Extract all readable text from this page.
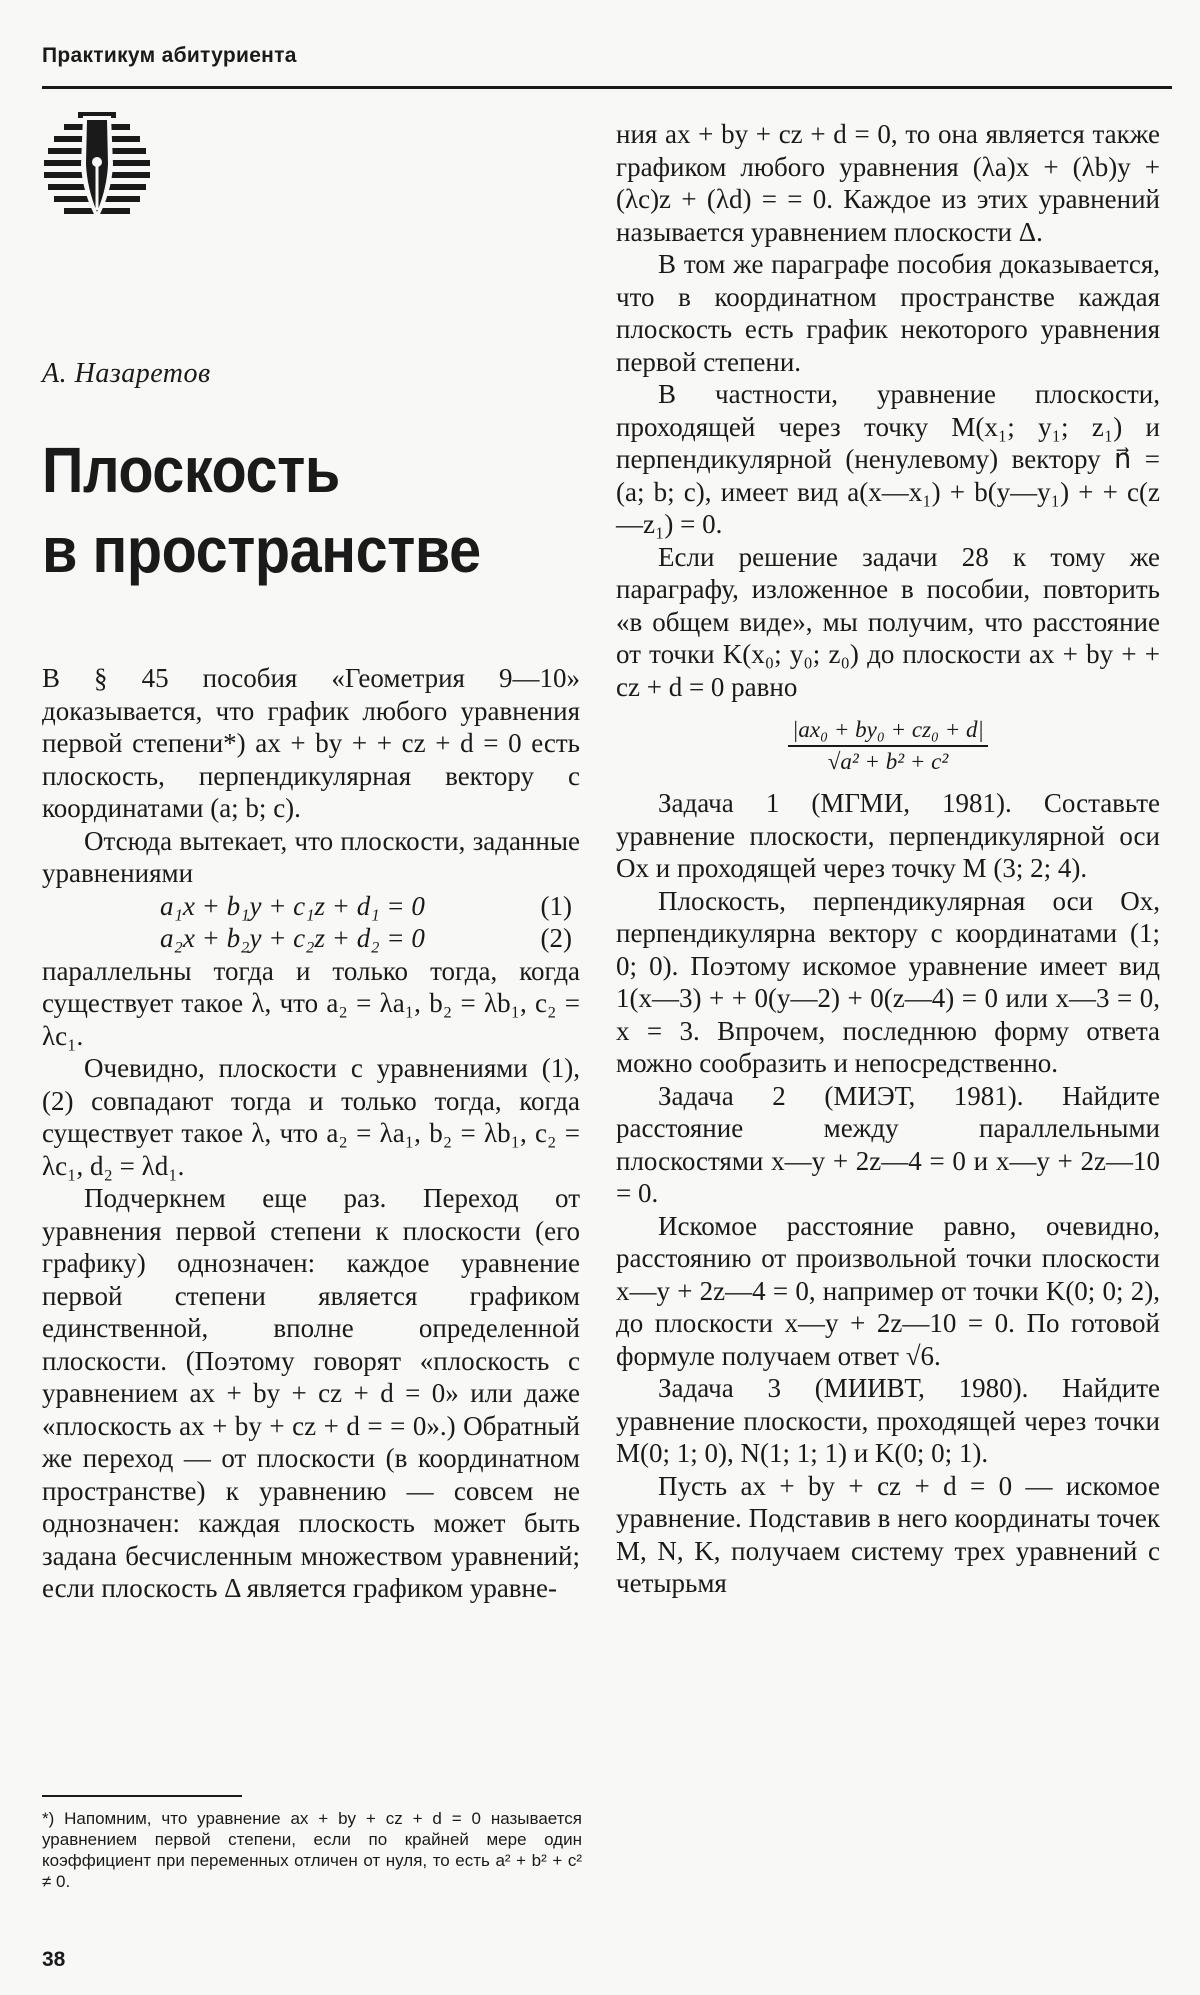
Практикум абитуриента
А. Назаретов
Плоскость
в пространстве

В § 45 пособия «Геометрия 9—10» доказывается, что график любого уравнения первой степени*) ax + by + + cz + d = 0 есть плоскость, перпендикулярная вектору с координатами (a; b; c).

Отсюда вытекает, что плоскости, заданные уравнениями

a₁x + b₁y + c₁z + d₁ = 0	(1)
a₂x + b₂y + c₂z + d₂ = 0	(2)

параллельны тогда и только тогда, когда существует такое λ, что a₂ = λa₁, b₂ = λb₁, c₂ = λc₁.

Очевидно, плоскости с уравнениями (1), (2) совпадают тогда и только тогда, когда существует такое λ, что a₂ = λa₁, b₂ = λb₁, c₂ = λc₁, d₂ = λd₁.

Подчеркнем еще раз. Переход от уравнения первой степени к плоскости (его графику) однозначен: каждое уравнение первой степени является графиком единственной, вполне определенной плоскости. (Поэтому говорят «плоскость с уравнением ax + by + cz + d = 0» или даже «плоскость ax + by + cz + d = = 0».) Обратный же переход — от плоскости (в координатном пространстве) к уравнению — совсем не однозначен: каждая плоскость может быть задана бесчисленным множеством уравнений; если плоскость Δ является графиком уравне-

*) Напомним, что уравнение ax + by + cz + d = 0 называется уравнением первой степени, если по крайней мере один коэффициент при переменных отличен от нуля, то есть a² + b² + c² ≠ 0.

ния ax + by + cz + d = 0, то она является также графиком любого уравнения (λa)x + (λb)y + (λc)z + (λd) = = 0. Каждое из этих уравнений называется уравнением плоскости Δ.

В том же параграфе пособия доказывается, что в координатном пространстве каждая плоскость есть график некоторого уравнения первой степени.

В частности, уравнение плоскости, проходящей через точку M(x₁; y₁; z₁) и перпендикулярной (ненулевому) вектору n⃗ = (a; b; c), имеет вид a(x—x₁) + b(y—y₁) + + c(z—z₁) = 0.

Если решение задачи 28 к тому же параграфу, изложенное в пособии, повторить «в общем виде», мы получим, что расстояние от точки K(x₀; y₀; z₀) до плоскости ax + by + + cz + d = 0 равно

|ax₀ + by₀ + cz₀ + d|
√a² + b² + c²

Задача 1 (МГМИ, 1981). Составьте уравнение плоскости, перпендикулярной оси Ox и проходящей через точку M (3; 2; 4).

Плоскость, перпендикулярная оси Ox, перпендикулярна вектору с координатами (1; 0; 0). Поэтому искомое уравнение имеет вид 1(x—3) + + 0(y—2) + 0(z—4) = 0 или x—3 = 0, x = 3. Впрочем, последнюю форму ответа можно сообразить и непосредственно.

Задача 2 (МИЭТ, 1981). Найдите расстояние между параллельными плоскостями x—y + 2z—4 = 0 и x—y + 2z—10 = 0.

Искомое расстояние равно, очевидно, расстоянию от произвольной точки плоскости x—y + 2z—4 = 0, например от точки K(0; 0; 2), до плоскости x—y + 2z—10 = 0. По готовой формуле получаем ответ √6.

Задача 3 (МИИВТ, 1980). Найдите уравнение плоскости, проходящей через точки M(0; 1; 0), N(1; 1; 1) и K(0; 0; 1).

Пусть ax + by + cz + d = 0 — искомое уравнение. Подставив в него координаты точек M, N, K, получаем систему трех уравнений с четырьмя

38
